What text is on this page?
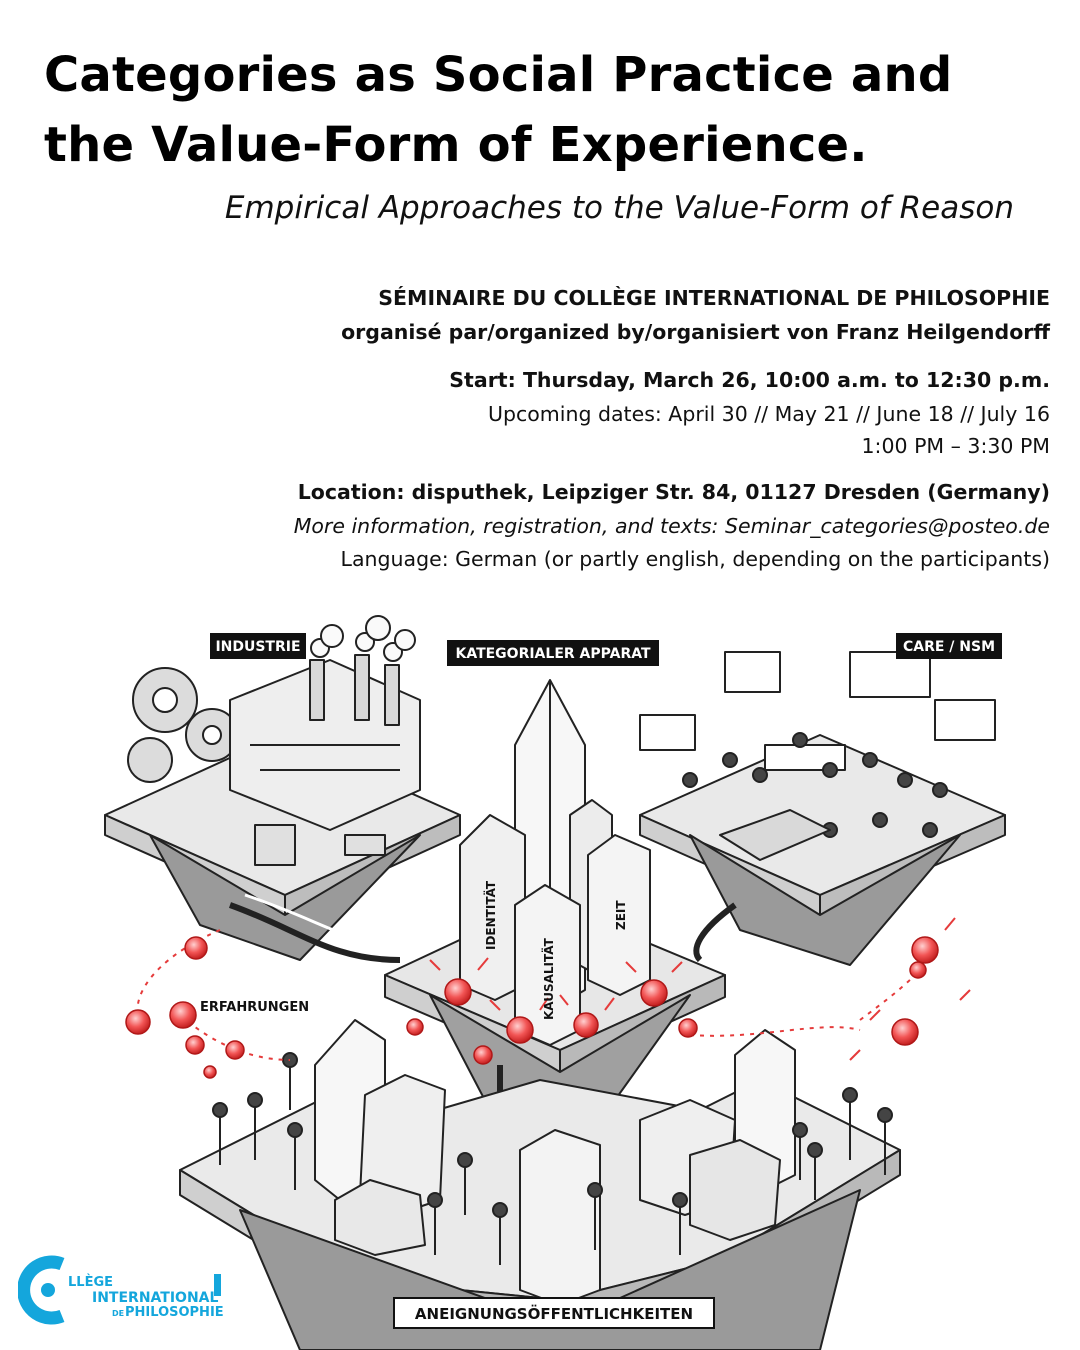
Categories as Social Practice and
the Value-Form of Experience.
Empirical Approaches to the Value-Form of Reason
SÉMINAIRE DU COLLÈGE INTERNATIONAL DE PHILOSOPHIE
organisé par/organized by/organisiert von Franz Heilgendorff
Start: Thursday, March 26, 10:00 a.m. to 12:30 p.m.
Upcoming dates: April 30 // May 21 // June 18 // July 16
1:00 PM – 3:30 PM
Location: disputhek, Leipziger Str. 84, 01127 Dresden (Germany)
More information, registration, and texts: Seminar_categories@posteo.de
Language: German (or partly english, depending on the participants)
INDUSTRIE	KATEGORIALER APPARAT	CARE / NSM
ERFAHRUNGEN
ANEIGNUNGSÖFFENTLICHKEITEN
IDENTITÄT
KAUSALITÄT
ZEIT
LLÈGE
INTERNATIONAL
DE PHILOSOPHIE
